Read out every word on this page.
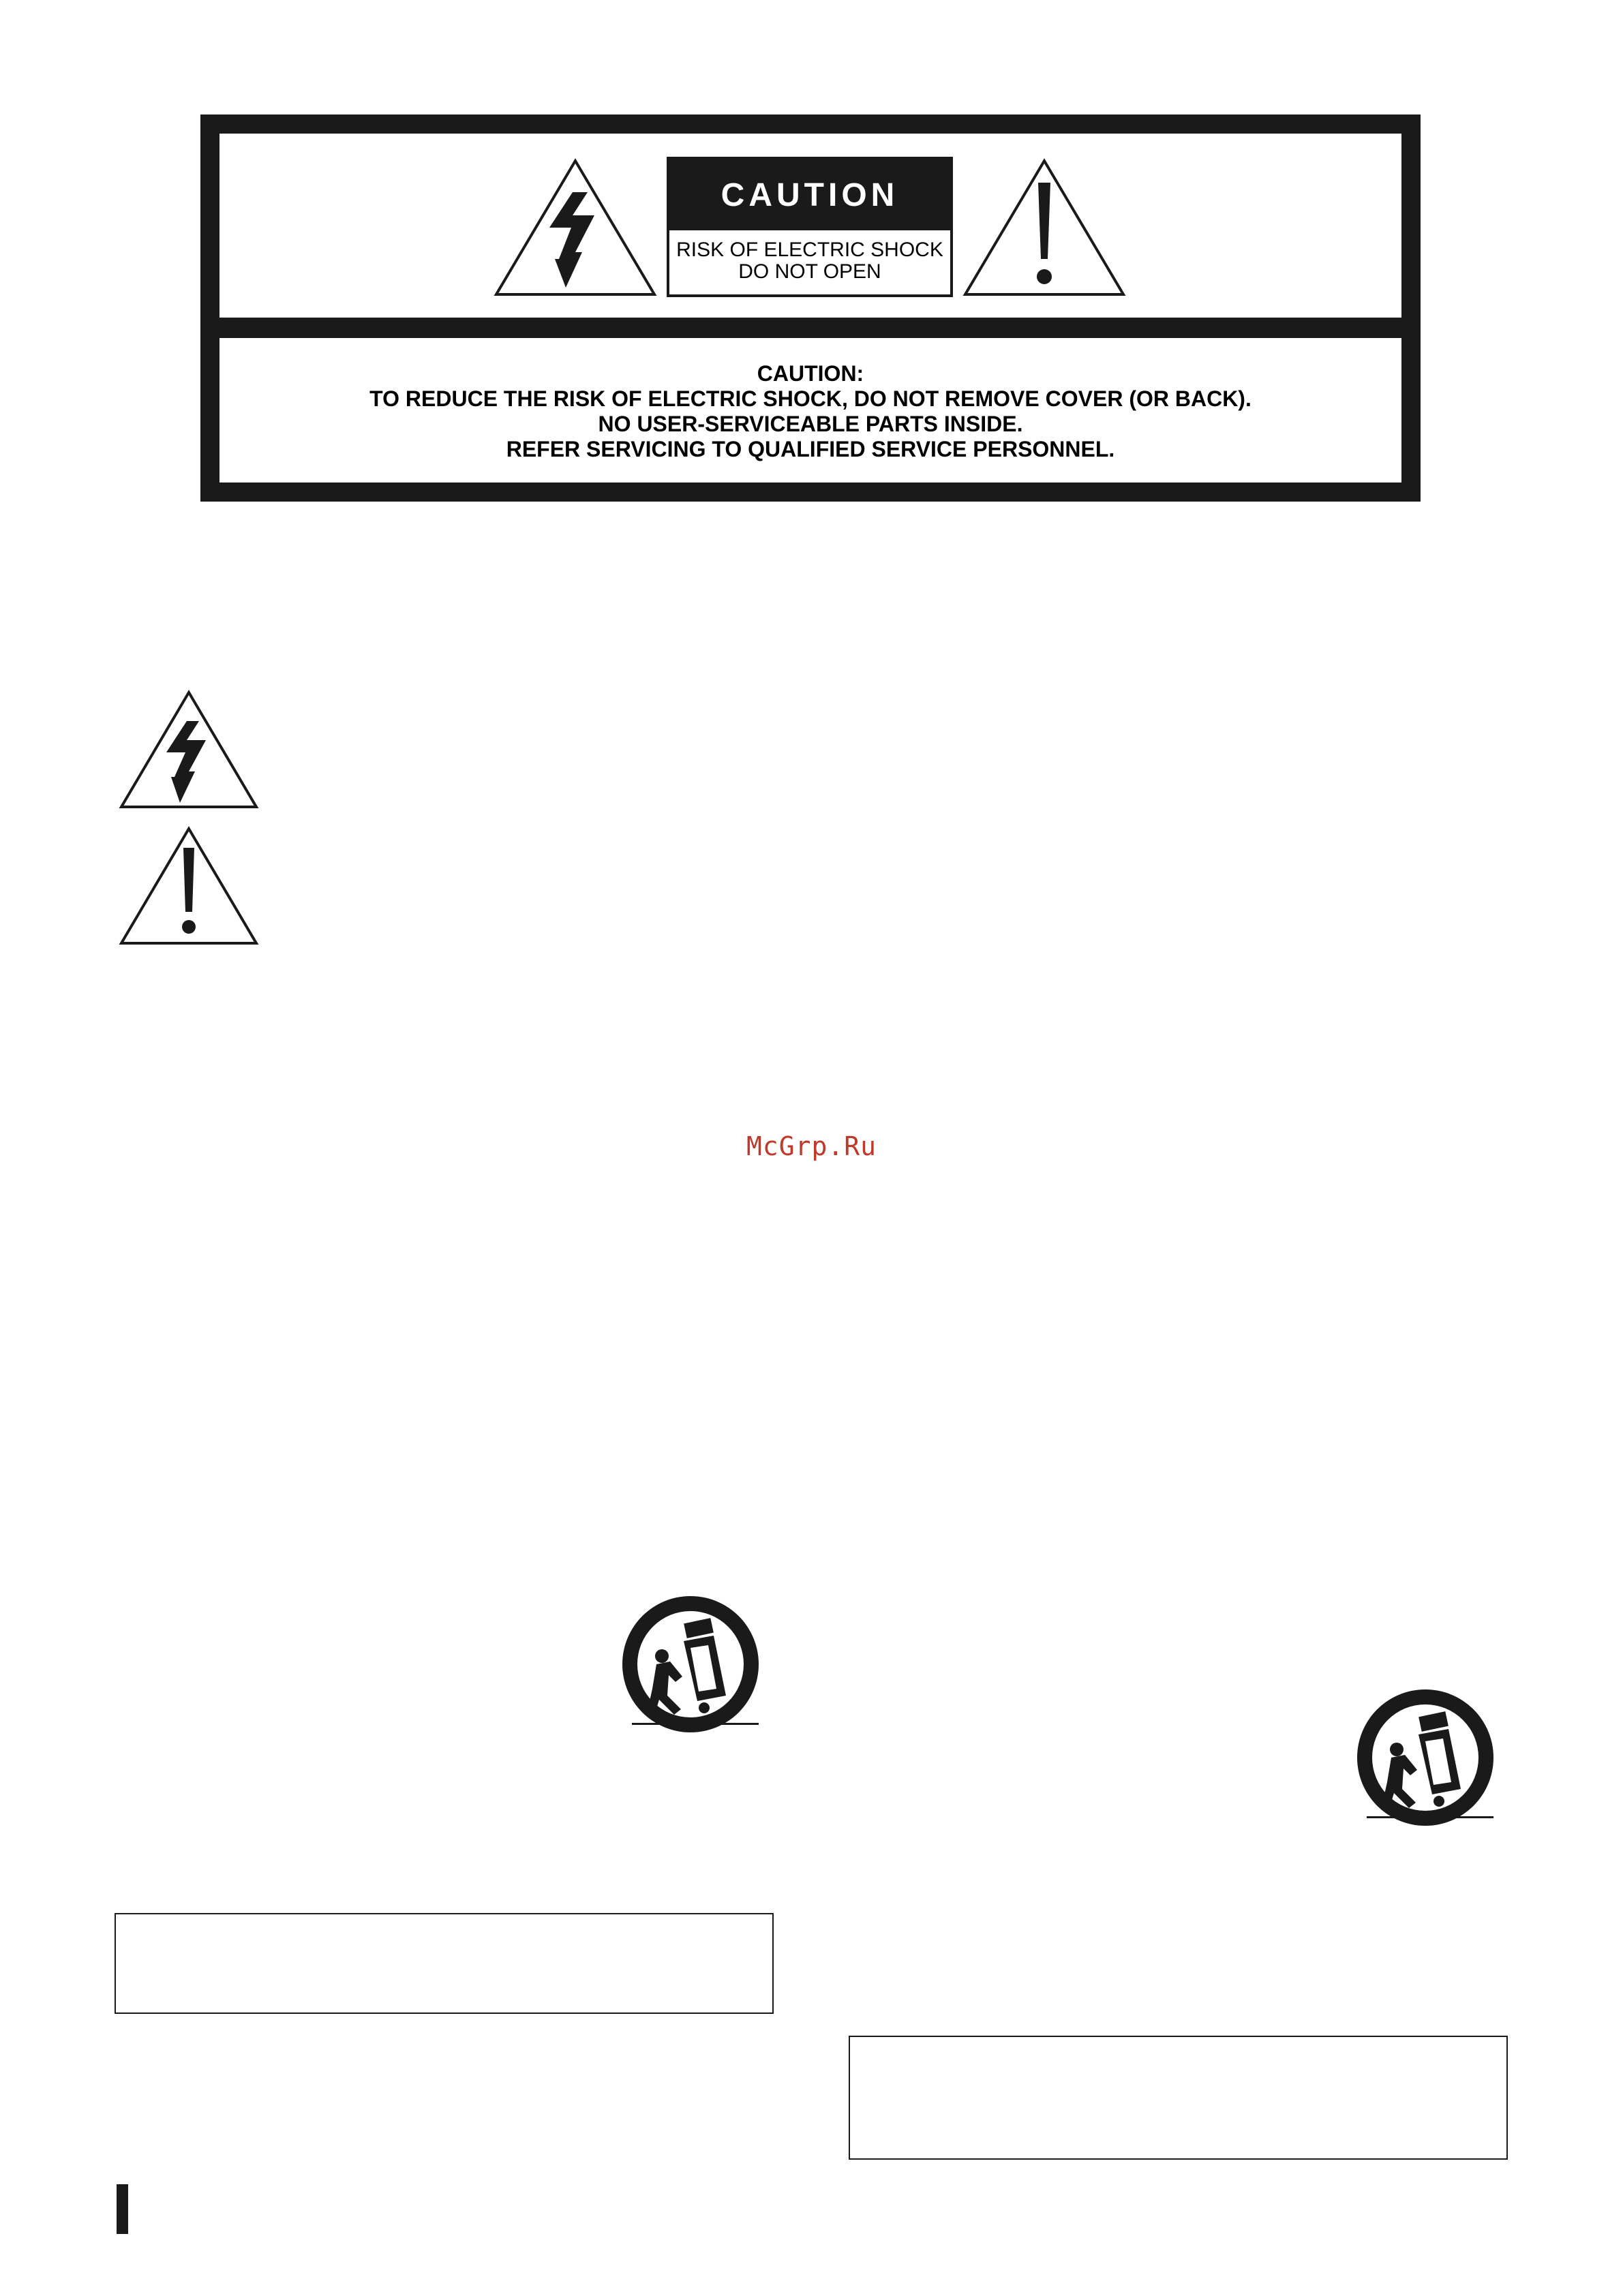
CAUTION
RISK OF ELECTRIC SHOCK
DO NOT OPEN
CAUTION:
TO REDUCE THE RISK OF ELECTRIC SHOCK, DO NOT REMOVE COVER (OR BACK).
NO USER-SERVICEABLE PARTS INSIDE.
REFER SERVICING TO QUALIFIED SERVICE PERSONNEL.
McGrp.Ru
